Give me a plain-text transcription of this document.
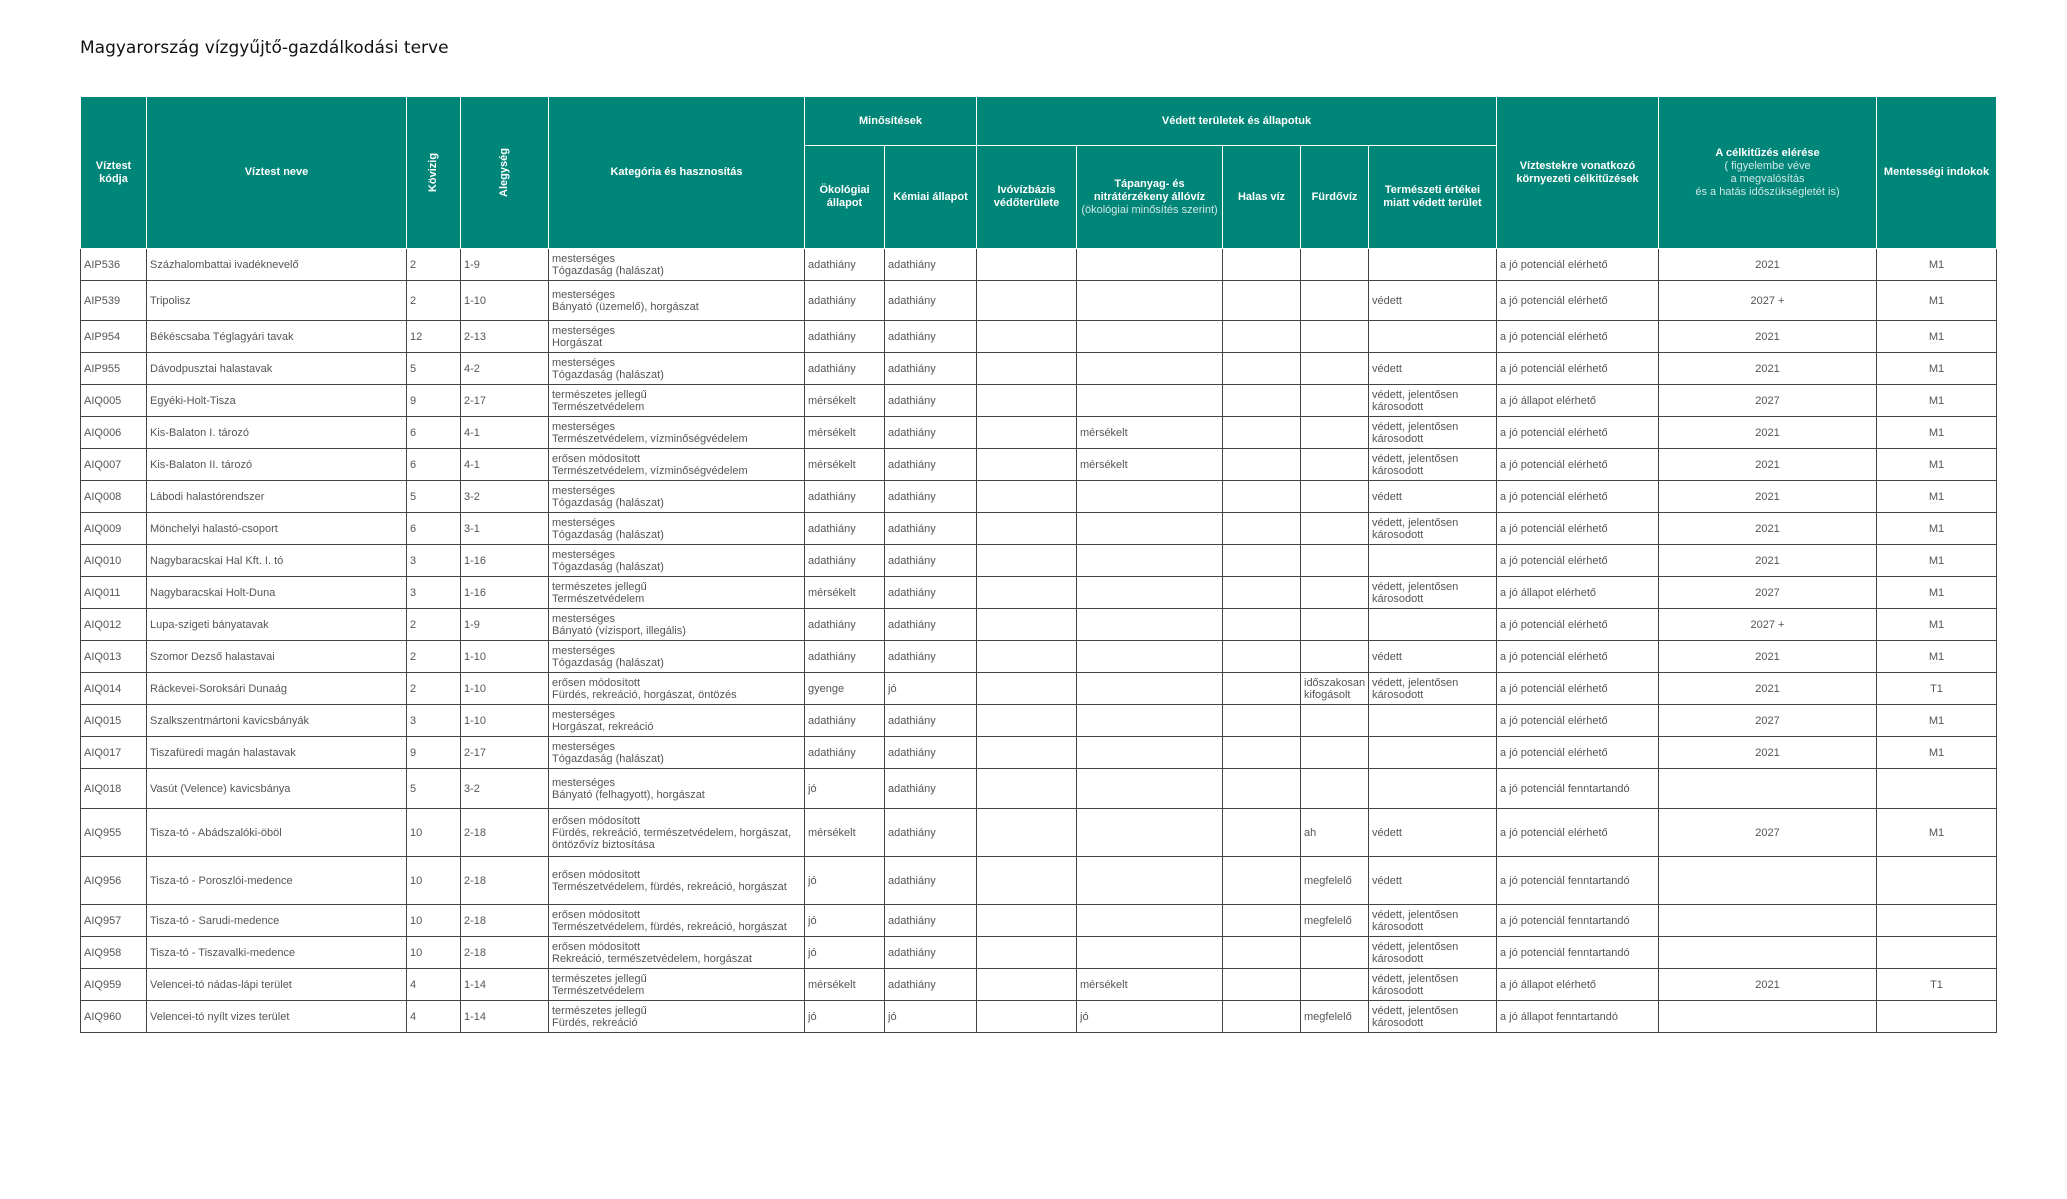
Magyarország vízgyűjtő-gazdálkodási terve
Víztest kódja	Víztest neve	Kövizig	Alegység	Kategória és hasznosítás	Minősítések		Védett területek és állapotuk					Víztestekre vonatkozó környezeti célkitűzések	A célkitűzés elérése
( figyelembe véve
a megvalósítás
és a hatás időszükségletét is)	Mentességi indokok
					Ökológiai állapot	Kémiai állapot	Ivóvízbázis védőterülete	Tápanyag- és nitrátérzékeny állóvíz
(ökológiai minősítés szerint)	Halas víz	Fürdővíz	Természeti értékei miatt védett terület			
AIP536	Százhalombattai ivadéknevelő	2	1-9	mesterséges
Tógazdaság (halászat)	adathiány	adathiány						a jó potenciál elérhető	2021	M1
AIP539	Tripolisz	2	1-10	mesterséges
Bányató (üzemelő), horgászat	adathiány	adathiány					védett	a jó potenciál elérhető	2027 +	M1
AIP954	Békéscsaba Téglagyári tavak	12	2-13	mesterséges
Horgászat	adathiány	adathiány						a jó potenciál elérhető	2021	M1
AIP955	Dávodpusztai halastavak	5	4-2	mesterséges
Tógazdaság (halászat)	adathiány	adathiány					védett	a jó potenciál elérhető	2021	M1
AIQ005	Egyéki-Holt-Tisza	9	2-17	természetes jellegű
Természetvédelem	mérsékelt	adathiány					védett, jelentősen károsodott	a jó állapot elérhető	2027	M1
AIQ006	Kis-Balaton I. tározó	6	4-1	mesterséges
Természetvédelem, vízminőségvédelem	mérsékelt	adathiány		mérsékelt			védett, jelentősen károsodott	a jó potenciál elérhető	2021	M1
AIQ007	Kis-Balaton II. tározó	6	4-1	erősen módosított
Természetvédelem, vízminőségvédelem	mérsékelt	adathiány		mérsékelt			védett, jelentősen károsodott	a jó potenciál elérhető	2021	M1
AIQ008	Lábodi halastórendszer	5	3-2	mesterséges
Tógazdaság (halászat)	adathiány	adathiány					védett	a jó potenciál elérhető	2021	M1
AIQ009	Mönchelyi halastó-csoport	6	3-1	mesterséges
Tógazdaság (halászat)	adathiány	adathiány					védett, jelentősen károsodott	a jó potenciál elérhető	2021	M1
AIQ010	Nagybaracskai Hal Kft. I. tó	3	1-16	mesterséges
Tógazdaság (halászat)	adathiány	adathiány						a jó potenciál elérhető	2021	M1
AIQ011	Nagybaracskai Holt-Duna	3	1-16	természetes jellegű
Természetvédelem	mérsékelt	adathiány					védett, jelentősen károsodott	a jó állapot elérhető	2027	M1
AIQ012	Lupa-szigeti bányatavak	2	1-9	mesterséges
Bányató (vízisport, illegális)	adathiány	adathiány						a jó potenciál elérhető	2027 +	M1
AIQ013	Szomor Dezső halastavai	2	1-10	mesterséges
Tógazdaság (halászat)	adathiány	adathiány					védett	a jó potenciál elérhető	2021	M1
AIQ014	Ráckevei-Soroksári Dunaág	2	1-10	erősen módosított
Fürdés, rekreáció, horgászat, öntözés	gyenge	jó				időszakosan kifogásolt	védett, jelentősen károsodott	a jó potenciál elérhető	2021	T1
AIQ015	Szalkszentmártoni kavicsbányák	3	1-10	mesterséges
Horgászat, rekreáció	adathiány	adathiány						a jó potenciál elérhető	2027	M1
AIQ017	Tiszafüredi magán halastavak	9	2-17	mesterséges
Tógazdaság (halászat)	adathiány	adathiány						a jó potenciál elérhető	2021	M1
AIQ018	Vasút (Velence) kavicsbánya	5	3-2	mesterséges
Bányató (felhagyott), horgászat	jó	adathiány						a jó potenciál fenntartandó		
AIQ955	Tisza-tó - Abádszalóki-öböl	10	2-18	erősen módosított
Fürdés, rekreáció, természetvédelem, horgászat, öntözővíz biztosítása	mérsékelt	adathiány				ah	védett	a jó potenciál elérhető	2027	M1
AIQ956	Tisza-tó - Poroszlói-medence	10	2-18	erősen módosított
Természetvédelem, fürdés, rekreáció, horgászat	jó	adathiány				megfelelő	védett	a jó potenciál fenntartandó		
AIQ957	Tisza-tó - Sarudi-medence	10	2-18	erősen módosított
Természetvédelem, fürdés, rekreáció, horgászat	jó	adathiány				megfelelő	védett, jelentősen károsodott	a jó potenciál fenntartandó		
AIQ958	Tisza-tó - Tiszavalki-medence	10	2-18	erősen módosított
Rekreáció, természetvédelem, horgászat	jó	adathiány					védett, jelentősen károsodott	a jó potenciál fenntartandó		
AIQ959	Velencei-tó nádas-lápi terület	4	1-14	természetes jellegű
Természetvédelem	mérsékelt	adathiány		mérsékelt			védett, jelentősen károsodott	a jó állapot elérhető	2021	T1
AIQ960	Velencei-tó nyílt vizes terület	4	1-14	természetes jellegű
Fürdés, rekreáció	jó	jó		jó		megfelelő	védett, jelentősen károsodott	a jó állapot fenntartandó		
